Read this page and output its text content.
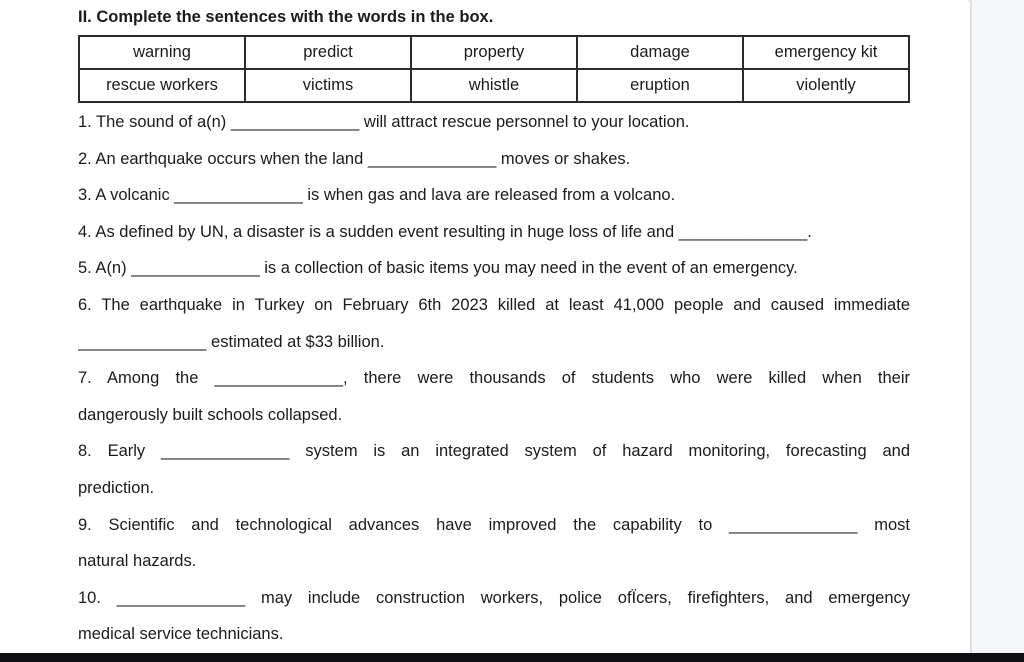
II. Complete the sentences with the words in the box.
warning	predict	property	damage	emergency kit
rescue workers	victims	whistle	eruption	violently

1. The sound of a(n) ______________ will attract rescue personnel to your location.

2. An earthquake occurs when the land ______________ moves or shakes.

3. A volcanic ______________ is when gas and lava are released from a volcano.

4. As defined by UN, a disaster is a sudden event resulting in huge loss of life and ______________.

5. A(n) ______________ is a collection of basic items you may need in the event of an emergency.

6. The earthquake in Turkey on February 6th 2023 killed at least 41,000 people and caused immediate
______________ estimated at $33 billion.

7. Among the ______________, there were thousands of students who were killed when their
dangerously built schools collapsed.

8. Early ______________ system is an integrated system of hazard monitoring, forecasting and
prediction.

9. Scientific and technological advances have improved the capability to ______________ most
natural hazards.

10. ______________ may include construction workers, police ofÏcers, firefighters, and emergency
medical service technicians.
